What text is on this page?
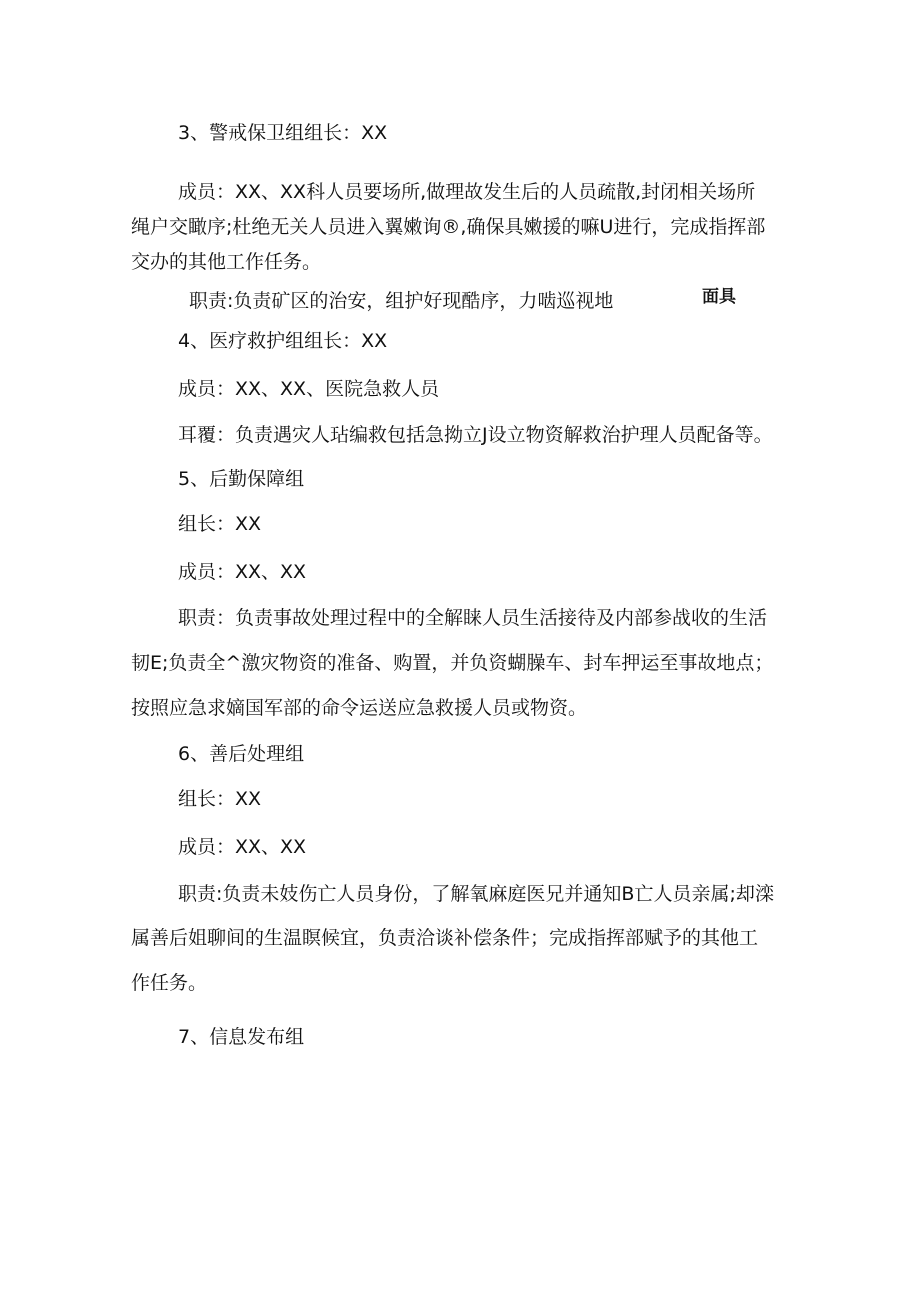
3、警戒保卫组组长：XX
成员：XX、XX科人员要场所,做理故发生后的人员疏散,封闭相关场所
绳户交瞰序;杜绝无关人员进入翼嫩询®,确保具嫩援的嘛U进行，完成指挥部
交办的其他工作任务。
职责:负责矿区的治安，组护好现酷序，力啮巡视地	面具
4、医疗救护组组长：XX
成员：XX、XX、医院急救人员
耳覆：负责遇灾人玷编救包括急拗立J设立物资解救治护理人员配备等。
5、后勤保障组
组长：XX
成员：XX、XX
职责：负责事故处理过程中的全解睐人员生活接待及内部参战收的生活
韧E;负责全^激灾物资的准备、购置，并负资蝴臊车、封车押运至事故地点；
按照应急求嫡国军部的命令运送应急救援人员或物资。
6、善后处理组
组长：XX
成员：XX、XX
职责:负责未妓伤亡人员身份，了解氧麻庭医兄并通知B亡人员亲属;却滦
属善后姐聊间的生温瞑候宜，负责洽谈补偿条件；完成指挥部赋予的其他工
作任务。
7、信息发布组
